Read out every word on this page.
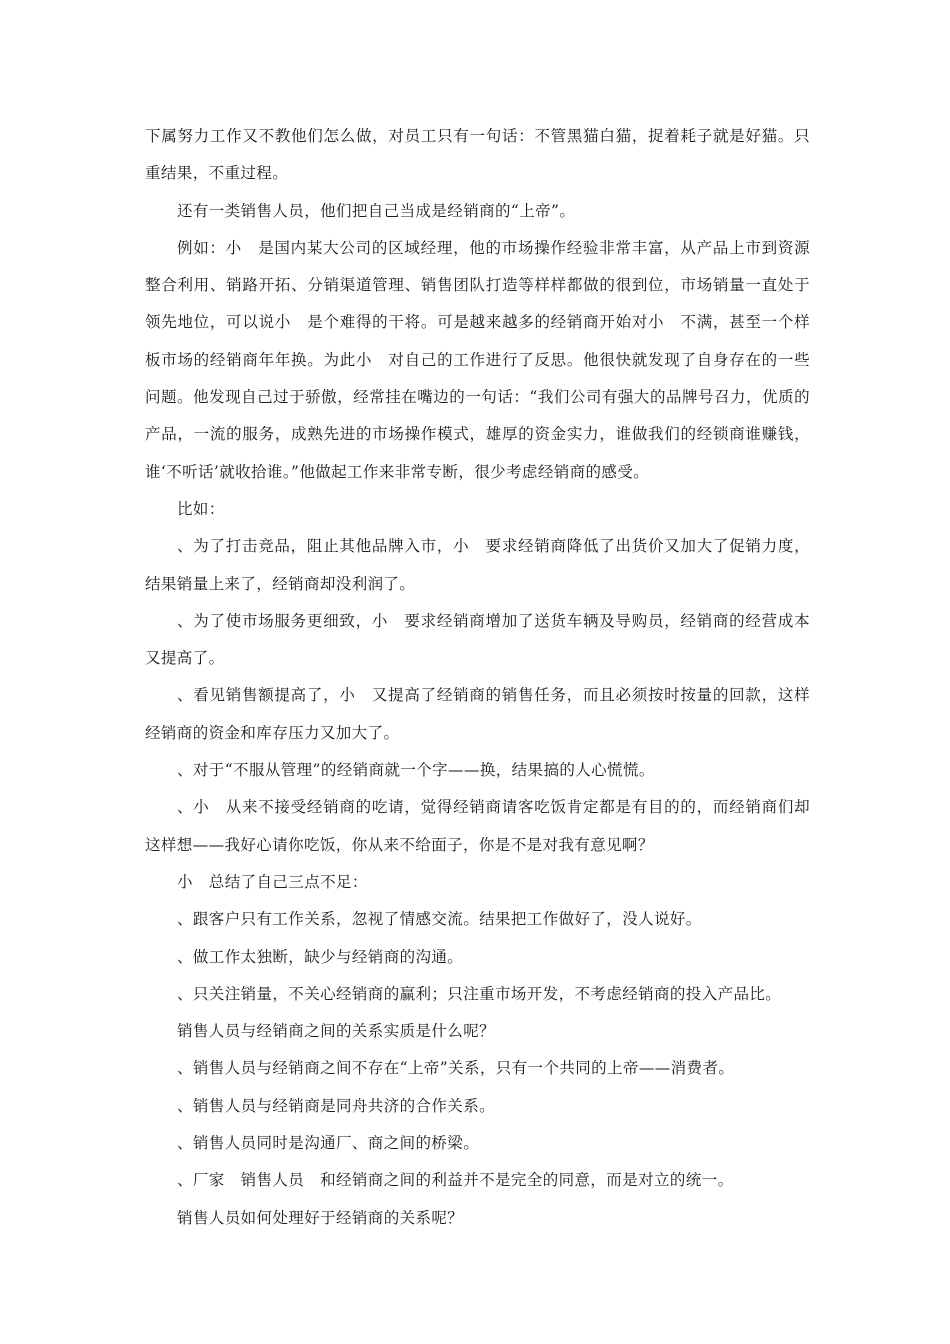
下属努力工作又不教他们怎么做，对员工只有一句话：不管黑猫白猫，捉着耗子就是好猫。只重结果，不重过程。

还有一类销售人员，他们把自己当成是经销商的“上帝”。

例如：小　是国内某大公司的区域经理，他的市场操作经验非常丰富，从产品上市到资源整合利用、销路开拓、分销渠道管理、销售团队打造等样样都做的很到位，市场销量一直处于领先地位，可以说小　是个难得的干将。可是越来越多的经销商开始对小　不满，甚至一个样板市场的经销商年年换。为此小　对自己的工作进行了反思。他很快就发现了自身存在的一些问题。他发现自己过于骄傲，经常挂在嘴边的一句话：“我们公司有强大的品牌号召力，优质的产品，一流的服务，成熟先进的市场操作模式，雄厚的资金实力，谁做我们的经锁商谁赚钱，谁‘不听话’就收拾谁。”他做起工作来非常专断，很少考虑经销商的感受。

比如：

、为了打击竞品，阻止其他品牌入市，小　要求经销商降低了出货价又加大了促销力度，结果销量上来了，经销商却没利润了。

、为了使市场服务更细致，小　要求经销商增加了送货车辆及导购员，经销商的经营成本又提高了。

、看见销售额提高了，小　又提高了经销商的销售任务，而且必须按时按量的回款，这样经销商的资金和库存压力又加大了。

、对于“不服从管理”的经销商就一个字——换，结果搞的人心慌慌。

、小　从来不接受经销商的吃请，觉得经销商请客吃饭肯定都是有目的的，而经销商们却这样想——我好心请你吃饭，你从来不给面子，你是不是对我有意见啊？

小　总结了自己三点不足：

、跟客户只有工作关系，忽视了情感交流。结果把工作做好了，没人说好。

、做工作太独断，缺少与经销商的沟通。

、只关注销量，不关心经销商的赢利；只注重市场开发，不考虑经销商的投入产品比。

销售人员与经销商之间的关系实质是什么呢？

、销售人员与经销商之间不存在“上帝”关系，只有一个共同的上帝——消费者。

、销售人员与经销商是同舟共济的合作关系。

、销售人员同时是沟通厂、商之间的桥梁。

、厂家　销售人员　和经销商之间的利益并不是完全的同意，而是对立的统一。

销售人员如何处理好于经销商的关系呢？
